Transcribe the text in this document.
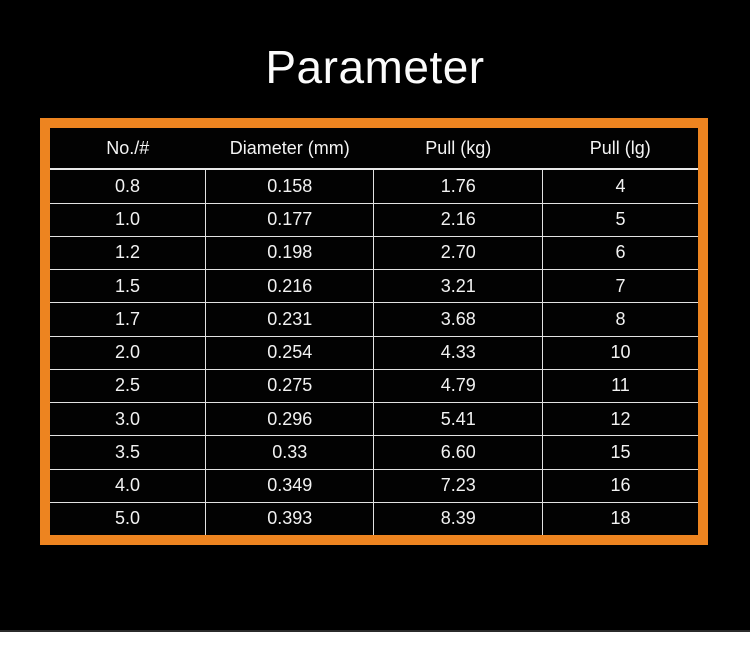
Parameter
No./#	Diameter (mm)	Pull (kg)	Pull (lg)
0.8	0.158	1.76	4
1.0	0.177	2.16	5
1.2	0.198	2.70	6
1.5	0.216	3.21	7
1.7	0.231	3.68	8
2.0	0.254	4.33	10
2.5	0.275	4.79	11
3.0	0.296	5.41	12
3.5	0.33	6.60	15
4.0	0.349	7.23	16
5.0	0.393	8.39	18
